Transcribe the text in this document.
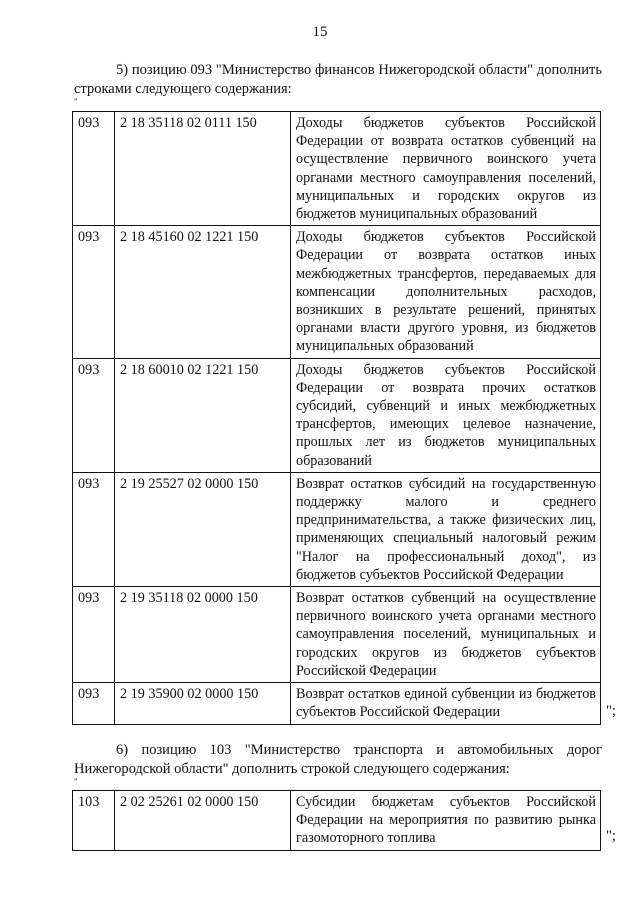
15
5) позицию 093 "Министерство финансов Нижегородской области" дополнить строками следующего содержания:
"
093	2 18 35118 02 0111 150	Доходы бюджетов субъектов Российской Федерации от возврата остатков субвенций на осуществление первичного воинского учета органами местного самоуправления поселений, муниципальных и городских округов из бюджетов муниципальных образований
093	2 18 45160 02 1221 150	Доходы бюджетов субъектов Российской Федерации от возврата остатков иных межбюджетных трансфертов, передаваемых для компенсации дополнительных расходов, возникших в результате решений, принятых органами власти другого уровня, из бюджетов муниципальных образований
093	2 18 60010 02 1221 150	Доходы бюджетов субъектов Российской Федерации от возврата прочих остатков субсидий, субвенций и иных межбюджетных трансфертов, имеющих целевое назначение, прошлых лет из бюджетов муниципальных образований
093	2 19 25527 02 0000 150	Возврат остатков субсидий на государственную поддержку малого и среднего предпринимательства, а также физических лиц, применяющих специальный налоговый режим "Налог на профессиональный доход", из бюджетов субъектов Российской Федерации
093	2 19 35118 02 0000 150	Возврат остатков субвенций на осуществление первичного воинского учета органами местного самоуправления поселений, муниципальных и городских округов из бюджетов субъектов Российской Федерации
093	2 19 35900 02 0000 150	Возврат остатков единой субвенции из бюджетов субъектов Российской Федерации	";
6) позицию 103 "Министерство транспорта и автомобильных дорог Нижегородской области" дополнить строкой следующего содержания:
"
103	2 02 25261 02 0000 150	Субсидии бюджетам субъектов Российской Федерации на мероприятия по развитию рынка газомоторного топлива	";
